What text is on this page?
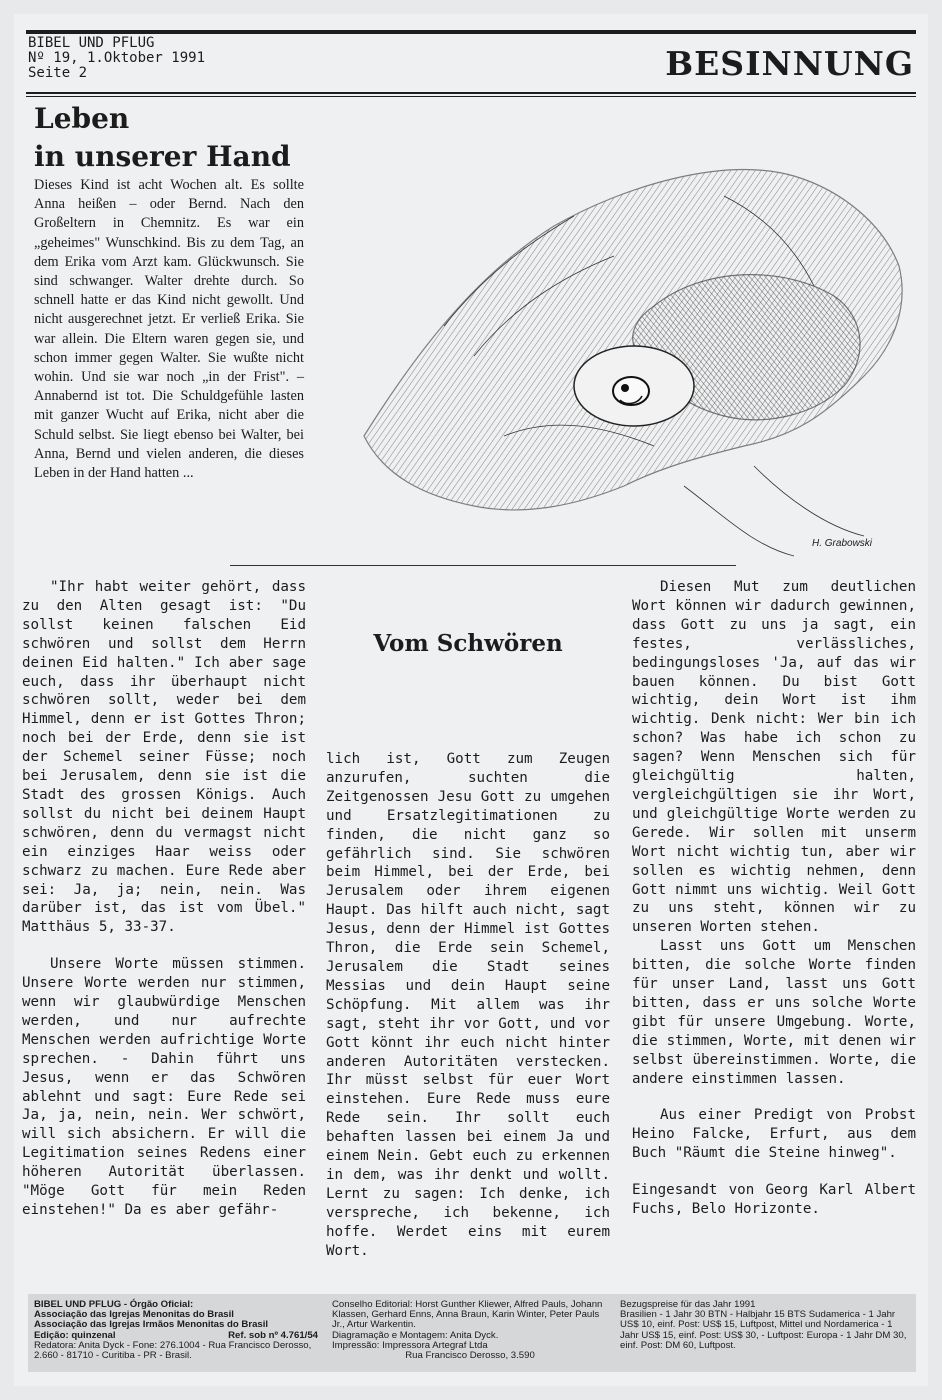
BIBEL UND PFLUG
Nº 19, 1.Oktober 1991
Seite 2	BESINNUNG
Leben
in unserer Hand
Dieses Kind ist acht Wochen alt. Es sollte Anna heißen – oder Bernd. Nach den Großeltern in Chemnitz. Es war ein „geheimes" Wunschkind. Bis zu dem Tag, an dem Erika vom Arzt kam. Glückwunsch. Sie sind schwanger. Walter drehte durch. So schnell hatte er das Kind nicht gewollt. Und nicht ausgerechnet jetzt. Er verließ Erika. Sie war allein. Die Eltern waren gegen sie, und schon immer gegen Walter. Sie wußte nicht wohin. Und sie war noch „in der Frist". – Annabernd ist tot. Die Schuldgefühle lasten mit ganzer Wucht auf Erika, nicht aber die Schuld selbst. Sie liegt ebenso bei Walter, bei Anna, Bernd und vielen anderen, die dieses Leben in der Hand hatten ...
H. Grabowski

"Ihr habt weiter gehört, dass zu den Alten gesagt ist: "Du sollst keinen falschen Eid schwören und sollst dem Herrn deinen Eid halten." Ich aber sage euch, dass ihr überhaupt nicht schwören sollt, weder bei dem Himmel, denn er ist Gottes Thron; noch bei der Erde, denn sie ist der Schemel seiner Füsse; noch bei Jerusalem, denn sie ist die Stadt des grossen Königs. Auch sollst du nicht bei deinem Haupt schwören, denn du vermagst nicht ein einziges Haar weiss oder schwarz zu machen. Eure Rede aber sei: Ja, ja; nein, nein. Was darüber ist, das ist vom Übel." Matthäus 5, 33-37.

Unsere Worte müssen stimmen. Unsere Worte werden nur stimmen, wenn wir glaubwürdige Menschen werden, und nur aufrechte Menschen werden aufrichtige Worte sprechen. - Dahin führt uns Jesus, wenn er das Schwören ablehnt und sagt: Eure Rede sei Ja, ja, nein, nein. Wer schwört, will sich absichern. Er will die Legitimation seines Redens einer höheren Autorität überlassen. "Möge Gott für mein Reden einstehen!" Da es aber gefähr-

Vom Schwören

lich ist, Gott zum Zeugen anzurufen, suchten die Zeitgenossen Jesu Gott zu umgehen und Ersatzlegitimationen zu finden, die nicht ganz so gefährlich sind. Sie schwören beim Himmel, bei der Erde, bei Jerusalem oder ihrem eigenen Haupt. Das hilft auch nicht, sagt Jesus, denn der Himmel ist Gottes Thron, die Erde sein Schemel, Jerusalem die Stadt seines Messias und dein Haupt seine Schöpfung. Mit allem was ihr sagt, steht ihr vor Gott, und vor Gott könnt ihr euch nicht hinter anderen Autoritäten verstecken. Ihr müsst selbst für euer Wort einstehen. Eure Rede muss eure Rede sein. Ihr sollt euch behaften lassen bei einem Ja und einem Nein. Gebt euch zu erkennen in dem, was ihr denkt und wollt. Lernt zu sagen: Ich denke, ich verspreche, ich bekenne, ich hoffe. Werdet eins mit eurem Wort.

Diesen Mut zum deutlichen Wort können wir dadurch gewinnen, dass Gott zu uns ja sagt, ein festes, verlässliches, bedingungsloses 'Ja, auf das wir bauen können. Du bist Gott wichtig, dein Wort ist ihm wichtig. Denk nicht: Wer bin ich schon? Was habe ich schon zu sagen? Wenn Menschen sich für gleichgültig halten, vergleichgültigen sie ihr Wort, und gleichgültige Worte werden zu Gerede. Wir sollen mit unserm Wort nicht wichtig tun, aber wir sollen es wichtig nehmen, denn Gott nimmt uns wichtig. Weil Gott zu uns steht, können wir zu unseren Worten stehen.

Lasst uns Gott um Menschen bitten, die solche Worte finden für unser Land, lasst uns Gott bitten, dass er uns solche Worte gibt für unsere Umgebung. Worte, die stimmen, Worte, mit denen wir selbst übereinstimmen. Worte, die andere einstimmen lassen.

Aus einer Predigt von Probst Heino Falcke, Erfurt, aus dem Buch "Räumt die Steine hinweg".

Eingesandt von Georg Karl Albert Fuchs, Belo Horizonte.

BIBEL UND PFLUG - Órgão Oficial:
Associação das Igrejas Menonitas do Brasil
Associação das Igrejas Irmãos Menonitas do Brasil
Edição: quinzenal	Ref. sob nº 4.761/54
Redatora: Anita Dyck - Fone: 276.1004 - Rua Francisco Derosso, 2.660 - 81710 - Curitiba - PR - Brasil.
Conselho Editorial: Horst Gunther Kliewer, Alfred Pauls, Johann Klassen, Gerhard Enns, Anna Braun, Karin Winter, Peter Pauls Jr., Artur Warkentin.
Diagramação e Montagem: Anita Dyck.
Impressão: Impressora Artegraf Ltda
Rua Francisco Derosso, 3.590
Bezugspreise für das Jahr 1991
Brasilien - 1 Jahr 30 BTN - Halbjahr 15 BTS Sudamerica - 1 Jahr US$ 10, einf. Post: US$ 15, Luftpost, Mittel und Nordamerica - 1 Jahr US$ 15, einf. Post: US$ 30, - Luftpost: Europa - 1 Jahr DM 30, einf. Post: DM 60, Luftpost.
